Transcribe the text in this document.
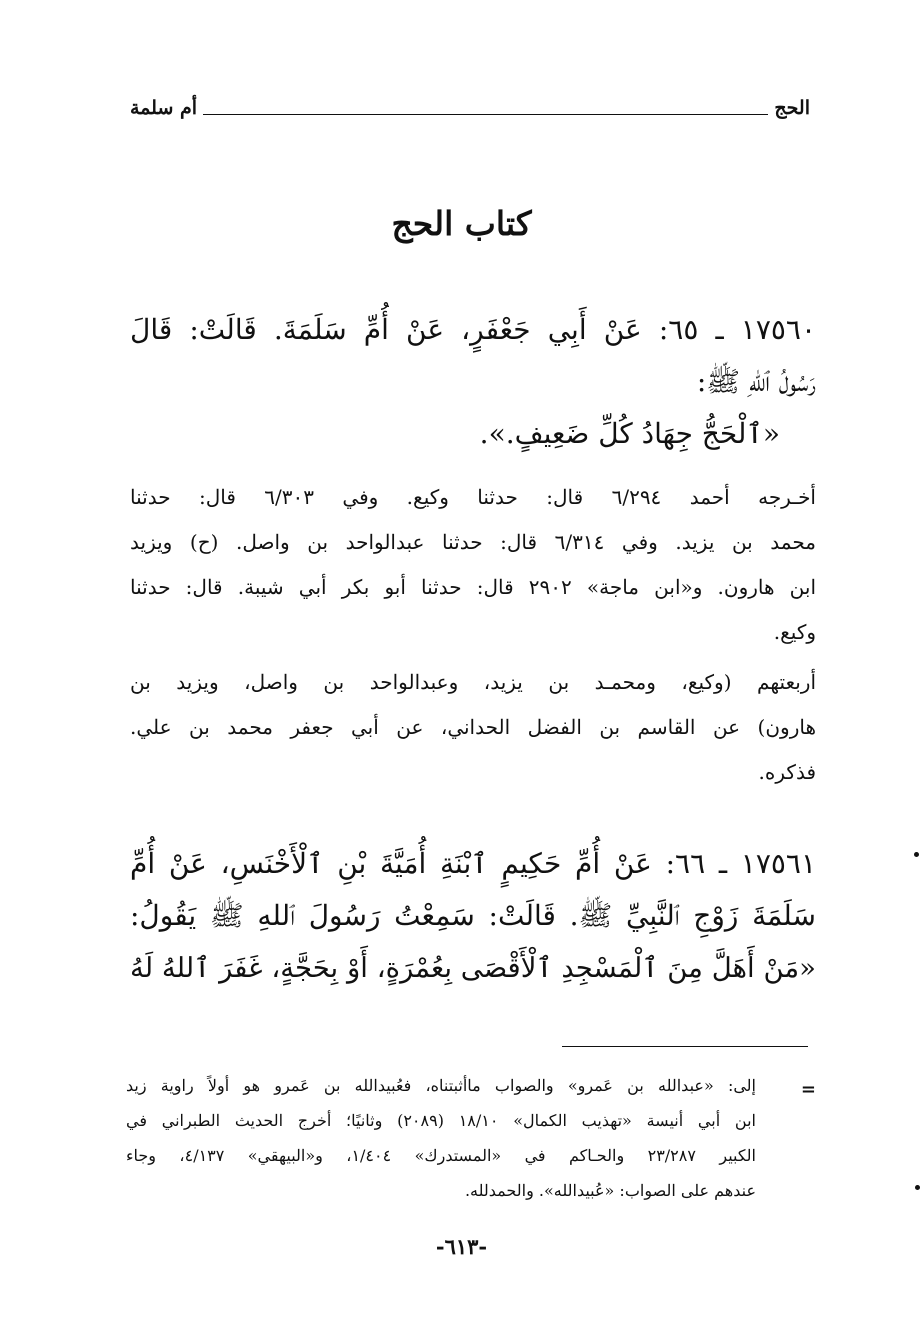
الحج
أم سلمة
كتاب الحج
١٧٥٦٠ ـ ٦٥: عَنْ أَبِي جَعْفَرٍ، عَنْ أُمِّ سَلَمَةَ. قَالَتْ: قَالَ
رَسُولُ ٱللهِ ﷺ:
«ٱلْحَجُّ جِهَادُ كُلِّ ضَعِيفٍ.».
أخـرجه أحمد ٦/٢٩٤ قال: حدثنا وكيع. وفي ٦/٣٠٣ قال: حدثنا
محمد بن يزيد. وفي ٦/٣١٤ قال: حدثنا عبدالواحد بن واصل. (ح) ويزيد
ابن هارون. و«ابن ماجة» ٢٩٠٢ قال: حدثنا أبو بكر أبي شيبة. قال: حدثنا
وكيع.
أربعتهم (وكيع، ومحمـد بن يزيد، وعبدالواحد بن واصل، ويزيد بن
هارون) عن القاسم بن الفضل الحداني، عن أبي جعفر محمد بن علي.
فذكره.
١٧٥٦١ ـ ٦٦: عَنْ أُمِّ حَكِيمٍ ٱبْنَةِ أُمَيَّةَ بْنِ ٱلْأَخْنَسِ، عَنْ أُمِّ
سَلَمَةَ زَوْجِ ٱلنَّبِيِّ ﷺ. قَالَتْ: سَمِعْتُ رَسُولَ ٱللهِ ﷺ يَقُولُ:
«مَنْ أَهَلَّ مِنَ ٱلْمَسْجِدِ ٱلْأَقْصَى بِعُمْرَةٍ، أَوْ بِحَجَّةٍ، غَفَرَ ٱللهُ لَهُ
=
إلى: «عبدالله بن عَمرو» والصواب ماأثبتناه، فعُبيدالله بن عَمرو هو أولاً راوية زيد
ابن أبي أنيسة «تهذيب الكمال» ١٨/١٠ (٢٠٨٩) وثانيًا؛ أخرج الحديث الطبراني في
الكبير ٢٣/٢٨٧ والحـاكم في «المستدرك» ١/٤٠٤، و«البيهقي» ٤/١٣٧، وجاء
عندهم على الصواب: «عُبيدالله». والحمدلله.
-٦١٣-
